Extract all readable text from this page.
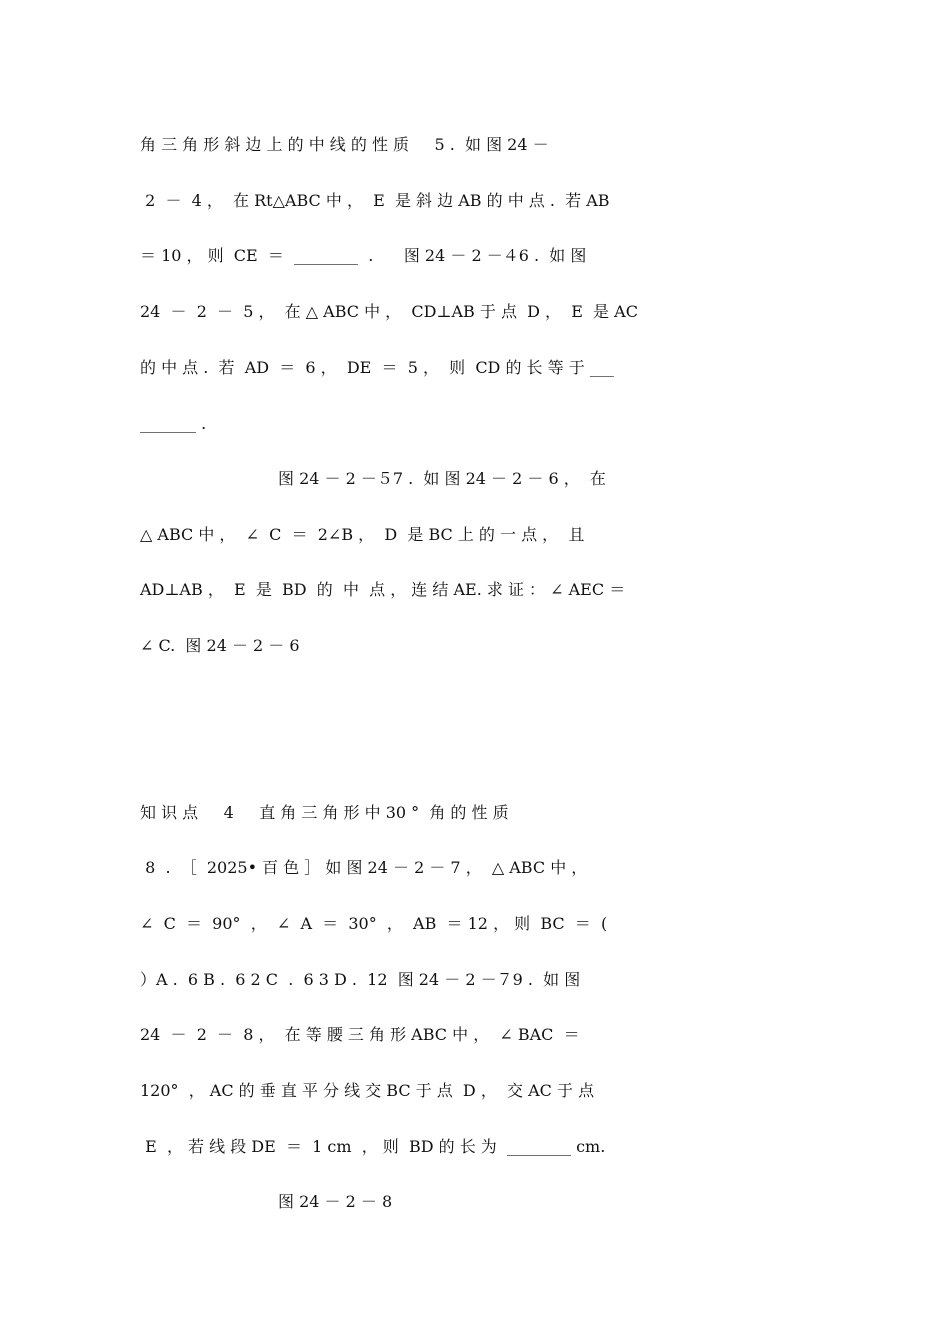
角 三 角 形 斜 边 上 的 中 线 的 性 质     5 .  如 图 24 －
2  －  4 ，  在 Rt△ABC 中 ，  E  是 斜 边 AB 的 中 点 .  若 AB
＝ 10 ， 则  CE  ＝  ________  .      图 24 － 2 －４6 .  如 图
24  －  2  －  5 ，  在 △ ABC 中 ，  CD⊥AB 于 点  D ，  E  是 AC
的 中 点 .  若  AD  ＝  6 ，  DE  ＝  5 ，  则  CD 的 长 等 于 ___
_______ .
图 24 － 2 －５7 .  如 图 24 － 2 － 6 ，  在
△ ABC 中 ，  ∠  C  ＝  2∠B ，  D  是 BC 上 的 一 点 ，  且
AD⊥AB ，  E  是  BD  的  中  点 ， 连 结 AE. 求 证 ： ∠ AEC ＝
∠ C.  图 24 － 2 － 6
知 识 点     4     直 角 三 角 形 中 30 °  角 的 性 质
8  .  ［  2025• 百 色 ］ 如 图 24 － 2 － 7 ，  △ ABC 中 ，
∠  C  ＝  90°  ，  ∠  A  ＝  30°  ，  AB  ＝ 12 ， 则  BC  ＝  (
）A .  6 B .  6 2 C  .  6 3 D .  12  图 24 － 2 －７9 .  如 图
24  －  2  －  8 ，  在 等 腰 三 角 形 ABC 中 ，  ∠ BAC  ＝
120°  ， AC 的 垂 直 平 分 线 交 BC 于 点  D ，  交 AC 于 点
E  ， 若 线 段 DE  ＝  1 cm  ， 则  BD 的 长 为  ________ cm.
图 24 － 2 － 8
